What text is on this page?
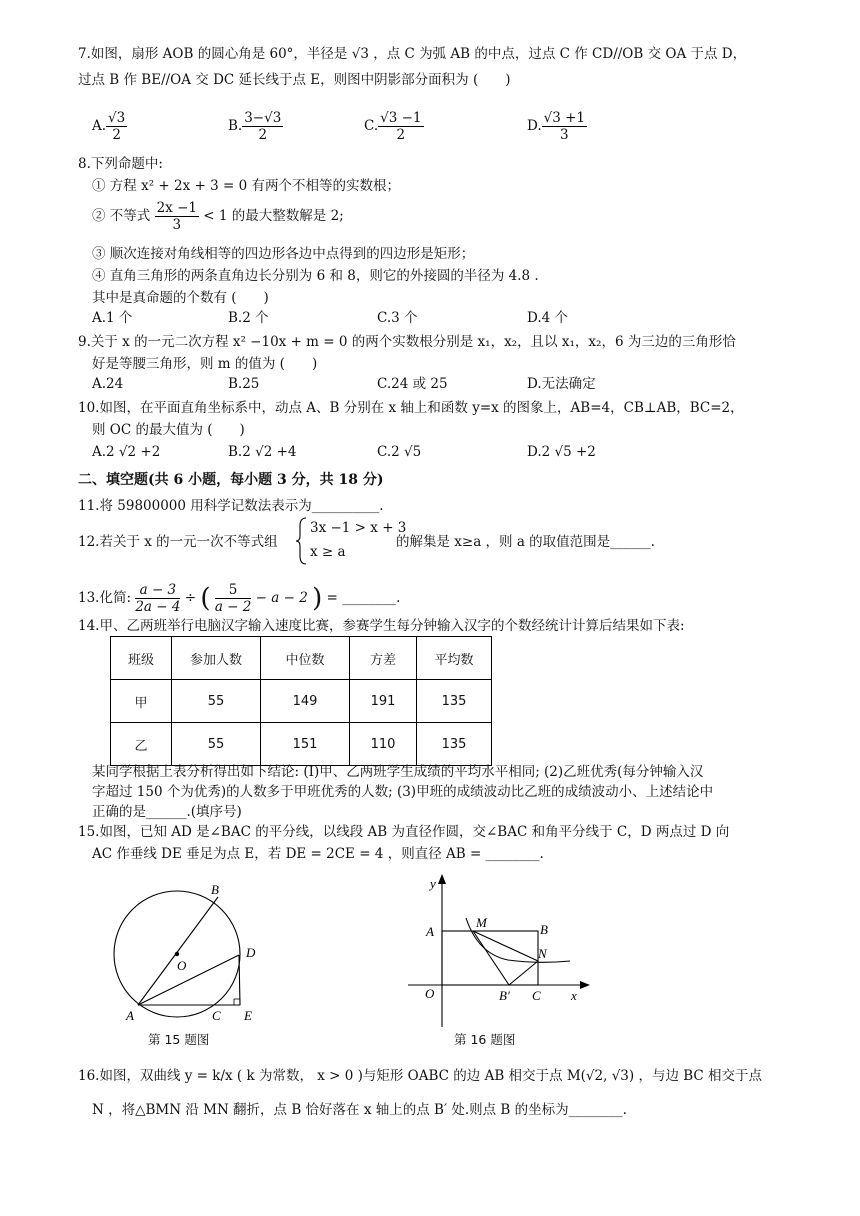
7.如图，扇形 AOB 的圆心角是 60°，半径是 √3 ，点 C 为弧 AB 的中点，过点 C 作 CD//OB 交 OA 于点 D，
过点 B 作 BE//OA 交 DC 延长线于点 E，则图中阴影部分面积为 (　　)
A. $\frac{√3}{2}$	B. $\frac{3-√3}{2}$	C. $\frac{√3 -1}{2}$	D. $\frac{√3 +1}{3}$
8.下列命题中:
① 方程 x² + 2x + 3 = 0 有两个不相等的实数根；
② 不等式 $\frac{2x -1}{3} < 1$ 的最大整数解是 2;
③ 顺次连接对角线相等的四边形各边中点得到的四边形是矩形；
④ 直角三角形的两条直角边长分别为 6 和 8，则它的外接圆的半径为 4.8 .
其中是真命题的个数有 (　　)
A.1 个	B.2 个	C.3 个	D.4 个
9.关于 x 的一元二次方程 x² −10x + m = 0 的两个实数根分别是 x₁，x₂，且以 x₁，x₂，6 为三边的三角形恰
好是等腰三角形，则 m 的值为 (　　)
A.24	B.25	C.24 或 25	D.无法确定
10.如图，在平面直角坐标系中，动点 A、B 分别在 x 轴上和函数 y=x 的图象上，AB=4，CB⊥AB，BC=2，
则 OC 的最大值为 (　　)
A.2 √2 +2	B.2 √2 +4	C.2 √5	D.2 √5 +2
二、填空题(共 6 小题，每小题 3 分，共 18 分)
11.将 59800000 用科学记数法表示为__________.
12.若关于 x 的一元一次不等式组
3x −1 > x + 3
x ≥ a
的解集是 x≥a ，则 a 的取值范围是______.
13.化简: $\frac{a - 3}{2a - 4}$ ÷ ( $\frac{5}{a - 2} - a - 2$ ) = ________.
14.甲、乙两班举行电脑汉字输入速度比赛，参赛学生每分钟输入汉字的个数经统计计算后结果如下表:
班级	参加人数	中位数	方差	平均数
甲	55	149	191	135
乙	55	151	110	135
某同学根据上表分析得出如下结论: (I)甲、乙两班学生成绩的平均水平相同; (2)乙班优秀(每分钟输入汉
字超过 150 个为优秀)的人数多于甲班优秀的人数; (3)甲班的成绩波动比乙班的成绩波动小、上述结论中
正确的是______.(填序号)
15.如图，已知 AD 是∠BAC 的平分线，以线段 AB 为直径作圆，交∠BAC 和角平分线于 C，D 两点过 D 向
AC 作垂线 DE 垂足为点 E，若 DE = 2CE = 4 ，则直径 AB = ________.
B
O
D
A	C E
第 15 题图
y
A
M	B
N
O	B′ C x
第 16 题图
16.如图，双曲线 y = k/x ( k 为常数， x > 0 )与矩形 OABC 的边 AB 相交于点 M(√2, √3) ，与边 BC 相交于点
N ，将△BMN 沿 MN 翻折，点 B 恰好落在 x 轴上的点 B′ 处.则点 B 的坐标为________.
